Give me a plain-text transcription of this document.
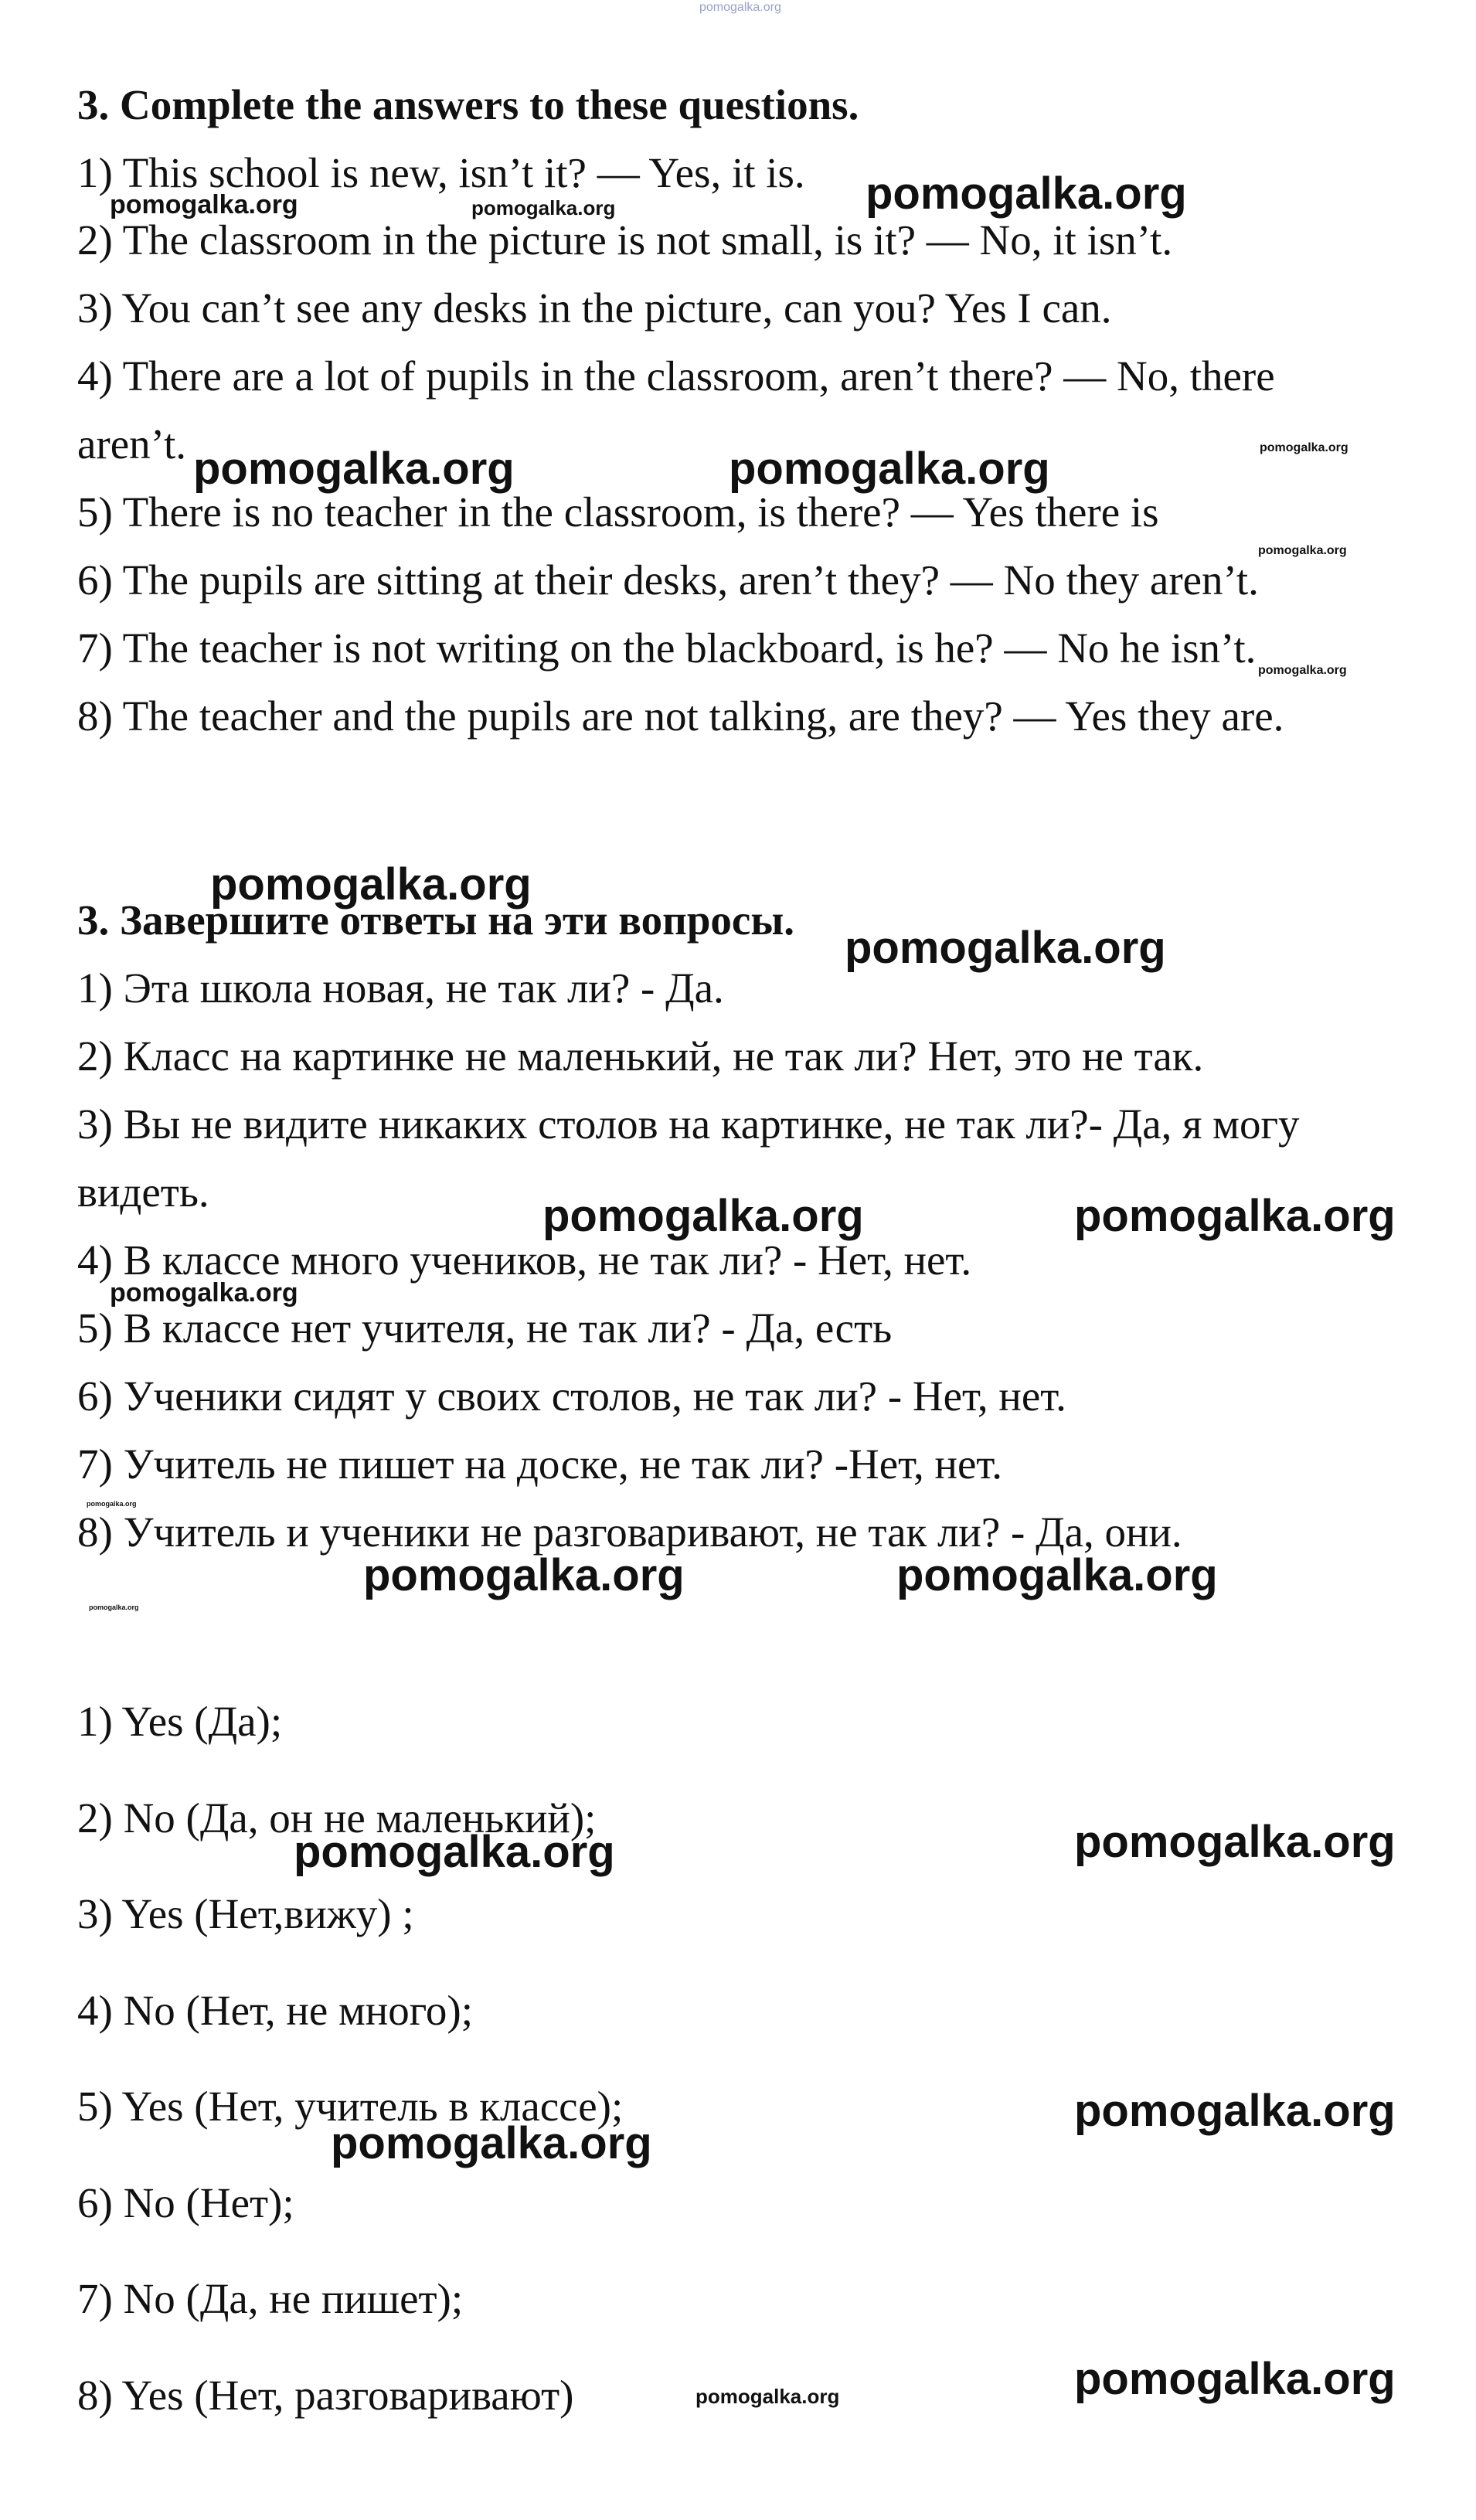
pomogalka.org
3. Complete the answers to these questions.
1) This school is new, isn’t it? — Yes, it is.
2) The classroom in the picture is not small, is it? — No, it isn’t.
3) You can’t see any desks in the picture, can you? Yes I can.
4) There are a lot of pupils in the classroom, aren’t there? — No, there
aren’t.
5) There is no teacher in the classroom, is there? — Yes there is
6) The pupils are sitting at their desks, aren’t they? — No they aren’t.
7) The teacher is not writing on the blackboard, is he? — No he isn’t.
8) The teacher and the pupils are not talking, are they? — Yes they are.
pomogalka.org
pomogalka.org	pomogalka.org
pomogalka.org	pomogalka.org	pomogalka.org
pomogalka.org
pomogalka.org
3. Завершите ответы на эти вопросы.
1) Эта школа новая, не так ли? - Да.
2) Класс на картинке не маленький, не так ли? Нет, это не так.
3) Вы не видите никаких столов на картинке, не так ли?- Да, я могу
видеть.
4) В классе много учеников, не так ли? - Нет, нет.
5) В классе нет учителя, не так ли? - Да, есть
6) Ученики сидят у своих столов, не так ли? - Нет, нет.
7) Учитель не пишет на доске, не так ли? -Нет, нет.
8) Учитель и ученики не разговаривают, не так ли? - Да, они.
pomogalka.org
pomogalka.org
pomogalka.org	pomogalka.org
pomogalka.org
pomogalka.org
pomogalka.org	pomogalka.org
pomogalka.org
1) Yes (Да);
2) No (Да, он не маленький);
3) Yes (Нет,вижу) ;
4) No (Нет, не много);
5) Yes (Нет, учитель в классе);
6) No (Нет);
7) No (Да, не пишет);
8) Yes (Нет, разговаривают)
pomogalka.org	pomogalka.org
pomogalka.org
pomogalka.org
pomogalka.org
pomogalka.org
